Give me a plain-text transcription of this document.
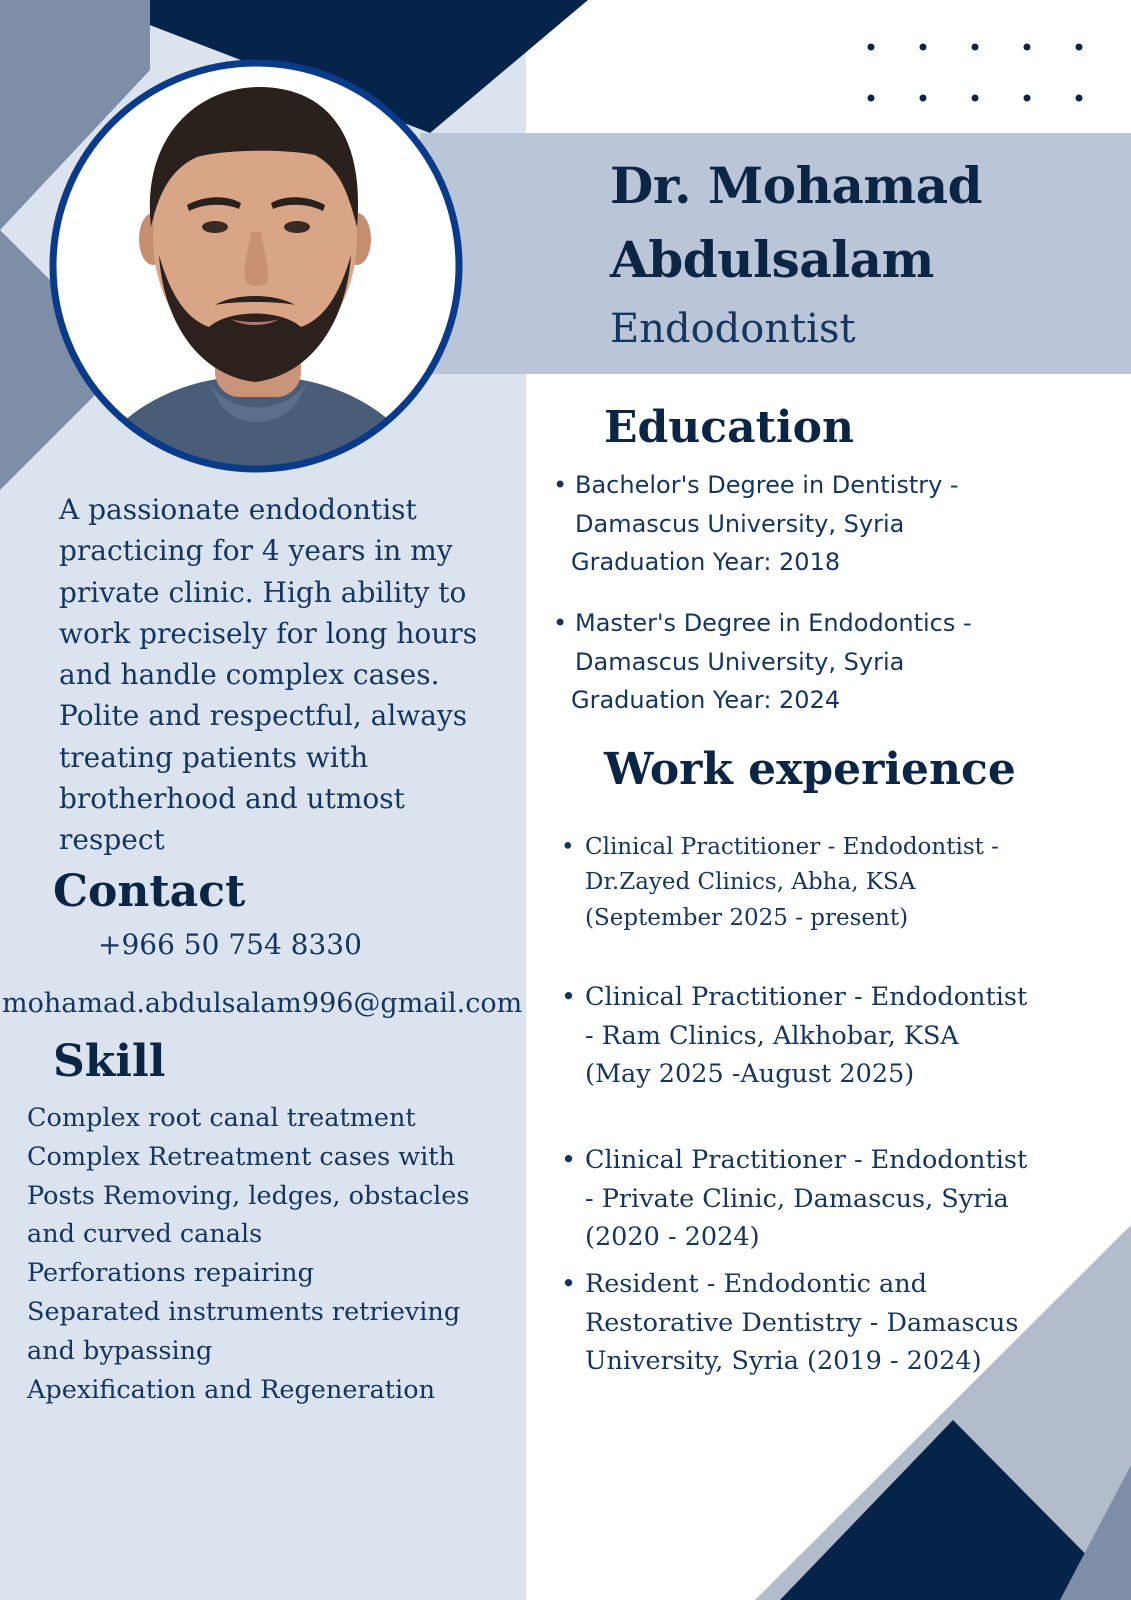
Dr. Mohamad
Abdulsalam
Endodontist

A passionate endodontist practicing for 4 years in my private clinic. High ability to work precisely for long hours and handle complex cases. Polite and respectful, always treating patients with brotherhood and utmost respect

Contact
+966 50 754 8330
mohamad.abdulsalam996@gmail.com
Skill
Complex root canal treatment
Complex Retreatment cases with Posts Removing, ledges, obstacles and curved canals
Perforations repairing
Separated instruments retrieving and bypassing
Apexification and Regeneration
Education
• Bachelor's Degree in Dentistry -
Damascus University, Syria
Graduation Year: 2018
• Master's Degree in Endodontics -
Damascus University, Syria
Graduation Year: 2024
Work experience
• Clinical Practitioner - Endodontist - Dr.Zayed Clinics, Abha, KSA (September 2025 - present)
• Clinical Practitioner - Endodontist - Ram Clinics, Alkhobar, KSA (May 2025 -August 2025)
• Clinical Practitioner - Endodontist - Private Clinic, Damascus, Syria (2020 - 2024)
• Resident - Endodontic and Restorative Dentistry - Damascus University, Syria (2019 - 2024)
